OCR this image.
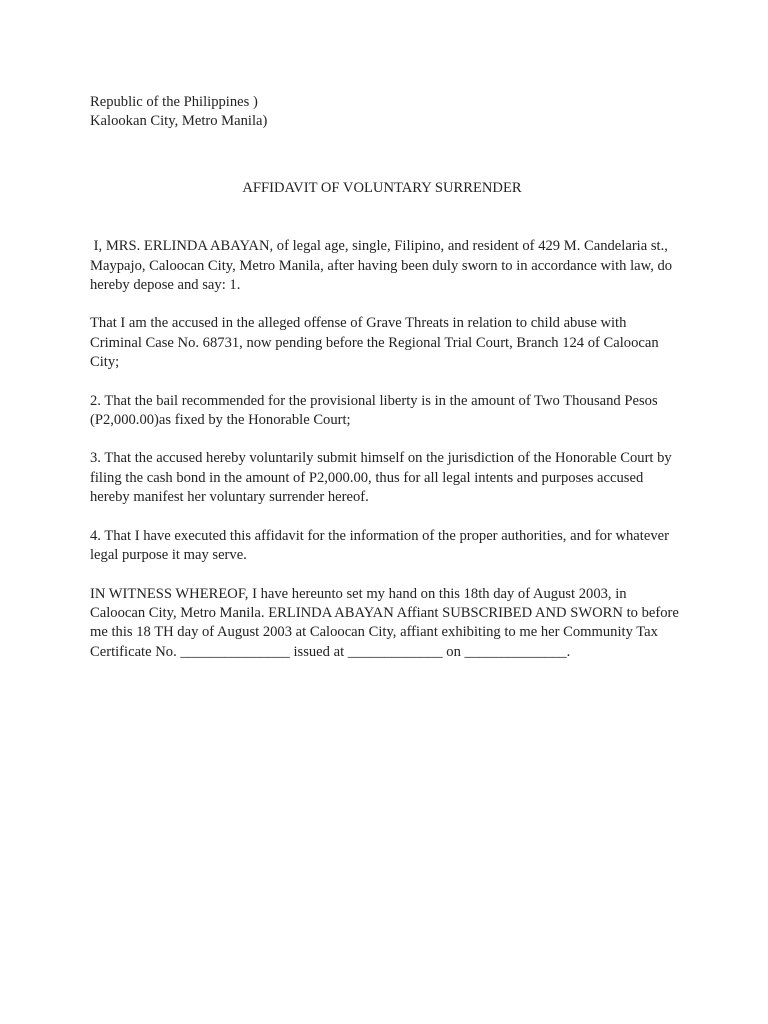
Republic of the Philippines )
Kalookan City, Metro Manila)
AFFIDAVIT OF VOLUNTARY SURRENDER

I, MRS. ERLINDA ABAYAN, of legal age, single, Filipino, and resident of 429 M. Candelaria st., Maypajo, Caloocan City, Metro Manila, after having been duly sworn to in accordance with law, do hereby depose and say: 1.

That I am the accused in the alleged offense of Grave Threats in relation to child abuse with Criminal Case No. 68731, now pending before the Regional Trial Court, Branch 124 of Caloocan City;

2. That the bail recommended for the provisional liberty is in the amount of Two Thousand Pesos (P2,000.00)as fixed by the Honorable Court;

3. That the accused hereby voluntarily submit himself on the jurisdiction of the Honorable Court by filing the cash bond in the amount of P2,000.00, thus for all legal intents and purposes accused hereby manifest her voluntary surrender hereof.

4. That I have executed this affidavit for the information of the proper authorities, and for whatever legal purpose it may serve.

IN WITNESS WHEREOF, I have hereunto set my hand on this 18th day of August 2003, in Caloocan City, Metro Manila. ERLINDA ABAYAN Affiant SUBSCRIBED AND SWORN to before me this 18 TH day of August 2003 at Caloocan City, affiant exhibiting to me her Community Tax Certificate No. _______________ issued at _____________ on ______________.
